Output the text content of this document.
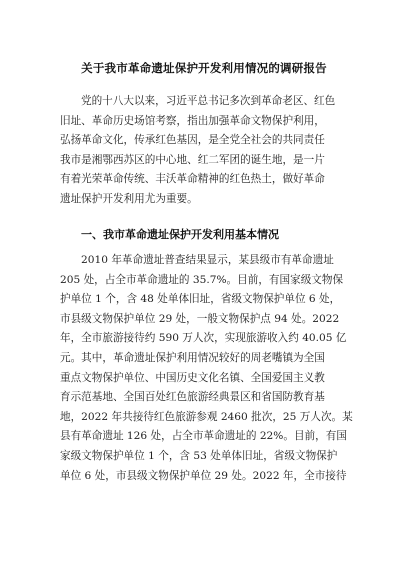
关于我市革命遗址保护开发利用情况的调研报告

党的十八大以来，习近平总书记多次到革命老区、红色
旧址、革命历史场馆考察，指出加强革命文物保护利用，
弘扬革命文化，传承红色基因，是全党全社会的共同责任
我市是湘鄂西苏区的中心地、红二军团的诞生地，是一片
有着光荣革命传统、丰沃革命精神的红色热土，做好革命
遗址保护开发利用尤为重要。

一、我市革命遗址保护开发利用基本情况

2010 年革命遗址普查结果显示，某县级市有革命遗址
205 处，占全市革命遗址的 35.7%。目前，有国家级文物保
护单位 1 个，含 48 处单体旧址，省级文物保护单位 6 处，
市县级文物保护单位 29 处，一般文物保护点 94 处。2022
年，全市旅游接待约 590 万人次，实现旅游收入约 40.05 亿
元。其中，革命遗址保护利用情况较好的周老嘴镇为全国
重点文物保护单位、中国历史文化名镇、全国爱国主义教
育示范基地、全国百处红色旅游经典景区和省国防教育基
地，2022 年共接待红色旅游参观 2460 批次，25 万人次。某
县有革命遗址 126 处，占全市革命遗址的 22%。目前，有国
家级文物保护单位 1 个，含 53 处单体旧址，省级文物保护
单位 6 处，市县级文物保护单位 29 处。2022 年，全市接待
